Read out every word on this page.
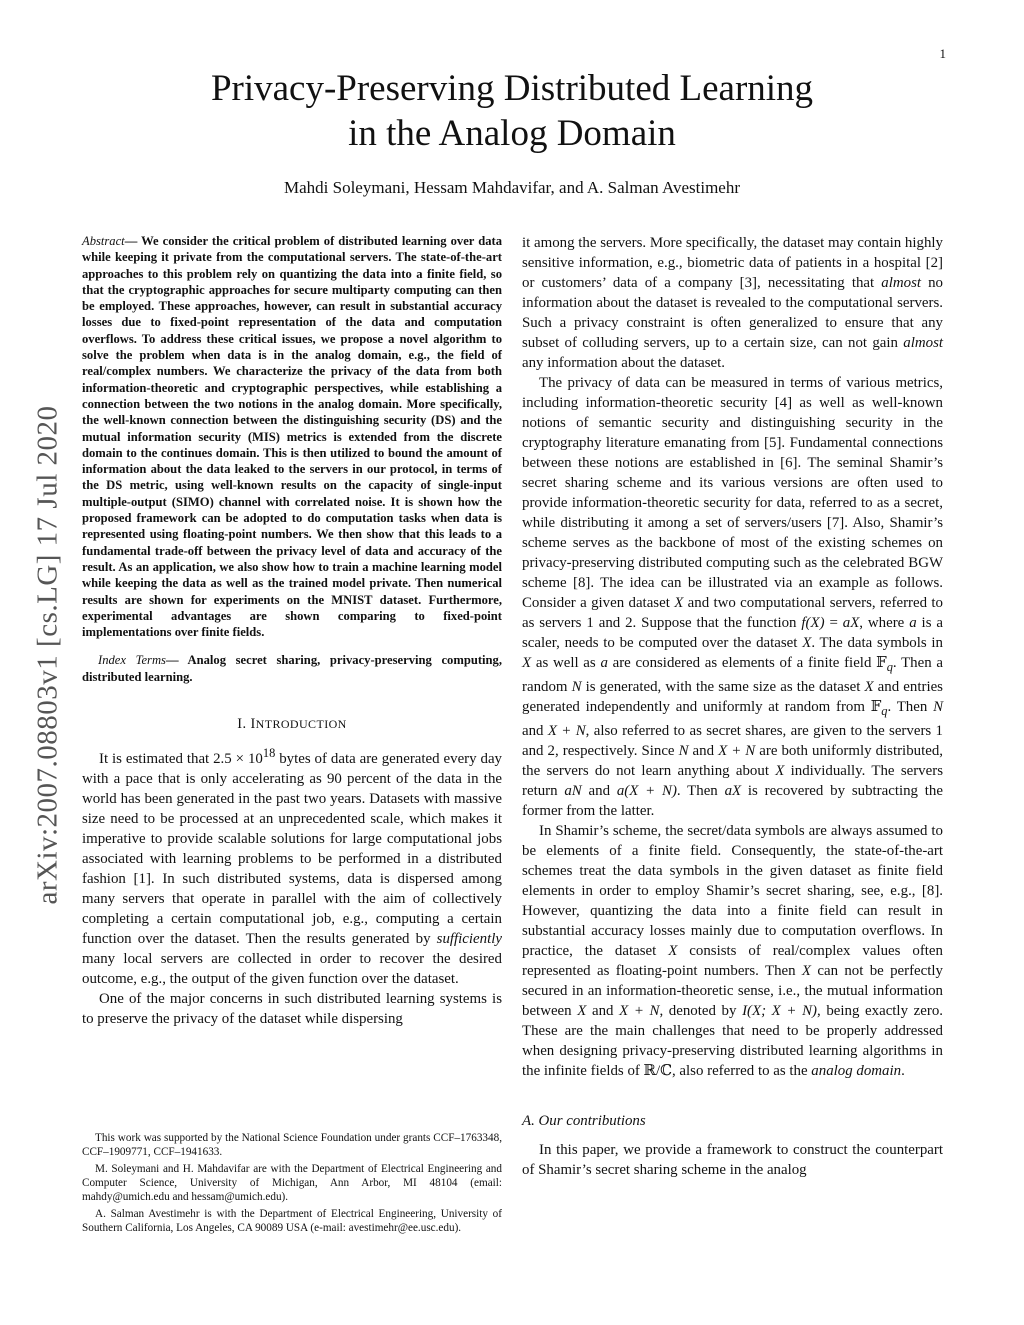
1
arXiv:2007.08803v1 [cs.LG] 17 Jul 2020
Privacy-Preserving Distributed Learning
in the Analog Domain
Mahdi Soleymani, Hessam Mahdavifar, and A. Salman Avestimehr

Abstract— We consider the critical problem of distributed learning over data while keeping it private from the computational servers. The state-of-the-art approaches to this problem rely on quantizing the data into a finite field, so that the cryptographic approaches for secure multiparty computing can then be employed. These approaches, however, can result in substantial accuracy losses due to fixed-point representation of the data and computation overflows. To address these critical issues, we propose a novel algorithm to solve the problem when data is in the analog domain, e.g., the field of real/complex numbers. We characterize the privacy of the data from both information-theoretic and cryptographic perspectives, while establishing a connection between the two notions in the analog domain. More specifically, the well-known connection between the distinguishing security (DS) and the mutual information security (MIS) metrics is extended from the discrete domain to the continues domain. This is then utilized to bound the amount of information about the data leaked to the servers in our protocol, in terms of the DS metric, using well-known results on the capacity of single-input multiple-output (SIMO) channel with correlated noise. It is shown how the proposed framework can be adopted to do computation tasks when data is represented using floating-point numbers. We then show that this leads to a fundamental trade-off between the privacy level of data and accuracy of the result. As an application, we also show how to train a machine learning model while keeping the data as well as the trained model private. Then numerical results are shown for experiments on the MNIST dataset. Furthermore, experimental advantages are shown comparing to fixed-point implementations over finite fields.

Index Terms— Analog secret sharing, privacy-preserving computing, distributed learning.

I. INTRODUCTION

It is estimated that $2.5 \times 10^{18}$ bytes of data are generated every day with a pace that is only accelerating as 90 percent of the data in the world has been generated in the past two years. Datasets with massive size need to be processed at an unprecedented scale, which makes it imperative to provide scalable solutions for large computational jobs associated with learning problems to be performed in a distributed fashion [1]. In such distributed systems, data is dispersed among many servers that operate in parallel with the aim of collectively completing a certain computational job, e.g., computing a certain function over the dataset. Then the results generated by sufficiently many local servers are collected in order to recover the desired outcome, e.g., the output of the given function over the dataset.

One of the major concerns in such distributed learning systems is to preserve the privacy of the dataset while dispersing

This work was supported by the National Science Foundation under grants CCF–1763348, CCF–1909771, CCF–1941633.

M. Soleymani and H. Mahdavifar are with the Department of Electrical Engineering and Computer Science, University of Michigan, Ann Arbor, MI 48104 (email: mahdy@umich.edu and hessam@umich.edu).

A. Salman Avestimehr is with the Department of Electrical Engineering, University of Southern California, Los Angeles, CA 90089 USA (e-mail: avestimehr@ee.usc.edu).

it among the servers. More specifically, the dataset may contain highly sensitive information, e.g., biometric data of patients in a hospital [2] or customers’ data of a company [3], necessitating that almost no information about the dataset is revealed to the computational servers. Such a privacy constraint is often generalized to ensure that any subset of colluding servers, up to a certain size, can not gain almost any information about the dataset.

The privacy of data can be measured in terms of various metrics, including information-theoretic security [4] as well as well-known notions of semantic security and distinguishing security in the cryptography literature emanating from [5]. Fundamental connections between these notions are established in [6]. The seminal Shamir’s secret sharing scheme and its various versions are often used to provide information-theoretic security for data, referred to as a secret, while distributing it among a set of servers/users [7]. Also, Shamir’s scheme serves as the backbone of most of the existing schemes on privacy-preserving distributed computing such as the celebrated BGW scheme [8]. The idea can be illustrated via an example as follows. Consider a given dataset X and two computational servers, referred to as servers 1 and 2. Suppose that the function f(X) = aX, where a is a scaler, needs to be computed over the dataset X. The data symbols in X as well as a are considered as elements of a finite field 𝔽$_q$. Then a random N is generated, with the same size as the dataset X and entries generated independently and uniformly at random from 𝔽$_q$. Then N and X + N, also referred to as secret shares, are given to the servers 1 and 2, respectively. Since N and X + N are both uniformly distributed, the servers do not learn anything about X individually. The servers return aN and a(X + N). Then aX is recovered by subtracting the former from the latter.

In Shamir’s scheme, the secret/data symbols are always assumed to be elements of a finite field. Consequently, the state-of-the-art schemes treat the data symbols in the given dataset as finite field elements in order to employ Shamir’s secret sharing, see, e.g., [8]. However, quantizing the data into a finite field can result in substantial accuracy losses mainly due to computation overflows. In practice, the dataset X consists of real/complex values often represented as floating-point numbers. Then X can not be perfectly secured in an information-theoretic sense, i.e., the mutual information between X and X + N, denoted by I(X; X + N), being exactly zero. These are the main challenges that need to be properly addressed when designing privacy-preserving distributed learning algorithms in the infinite fields of ℝ/ℂ, also referred to as the analog domain.

A. Our contributions

In this paper, we provide a framework to construct the counterpart of Shamir’s secret sharing scheme in the analog
